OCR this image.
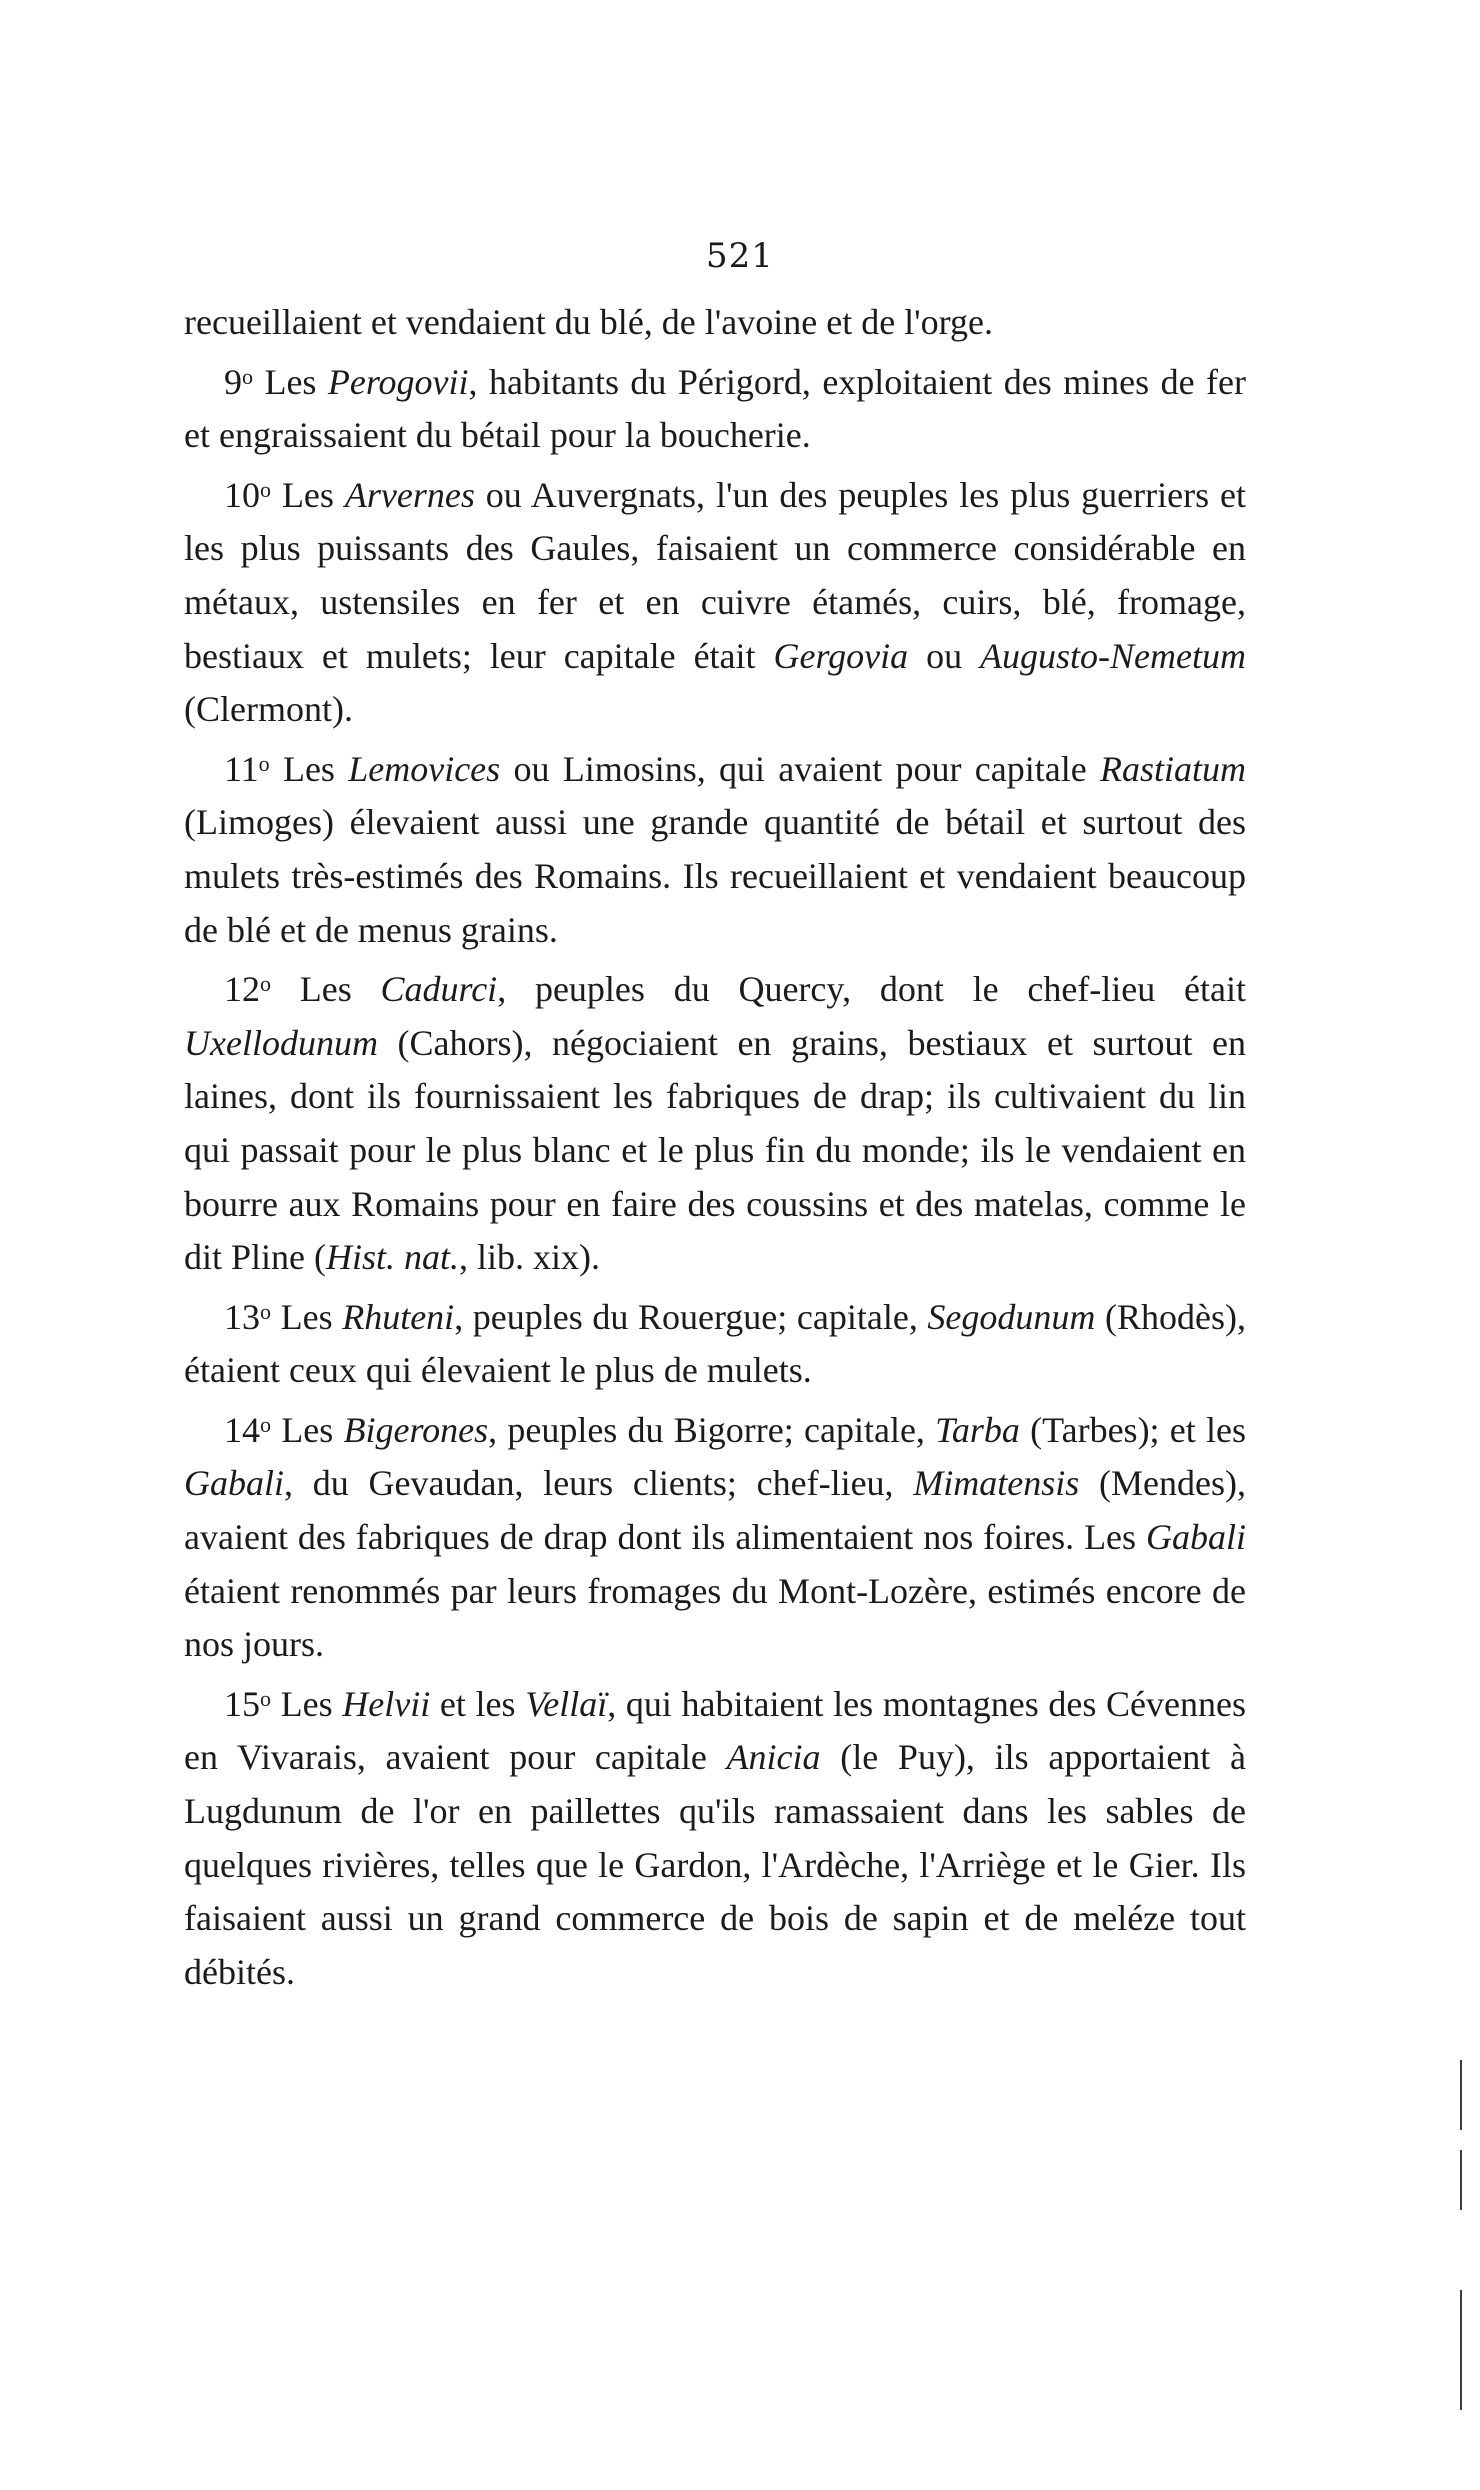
521

recueillaient et vendaient du blé, de l'avoine et de l'orge.

9$^o$ Les Perogovii, habitants du Périgord, exploitaient des mines de fer et engraissaient du bétail pour la boucherie.

10$^o$ Les Arvernes ou Auvergnats, l'un des peuples les plus guerriers et les plus puissants des Gaules, faisaient un commerce considérable en métaux, ustensiles en fer et en cuivre étamés, cuirs, blé, fromage, bestiaux et mulets; leur capitale était Gergovia ou Augusto-Nemetum (Clermont).

11$^o$ Les Lemovices ou Limosins, qui avaient pour capitale Rastiatum (Limoges) élevaient aussi une grande quantité de bétail et surtout des mulets très-estimés des Romains. Ils recueillaient et vendaient beaucoup de blé et de menus grains.

12$^o$ Les Cadurci, peuples du Quercy, dont le chef-lieu était Uxellodunum (Cahors), négociaient en grains, bestiaux et surtout en laines, dont ils fournissaient les fabriques de drap; ils cultivaient du lin qui passait pour le plus blanc et le plus fin du monde; ils le vendaient en bourre aux Romains pour en faire des coussins et des matelas, comme le dit Pline (Hist. nat., lib. xix).

13$^o$ Les Rhuteni, peuples du Rouergue; capitale, Segodunum (Rhodès), étaient ceux qui élevaient le plus de mulets.

14$^o$ Les Bigerones, peuples du Bigorre; capitale, Tarba (Tarbes); et les Gabali, du Gevaudan, leurs clients; chef-lieu, Mimatensis (Mendes), avaient des fabriques de drap dont ils alimentaient nos foires. Les Gabali étaient renommés par leurs fromages du Mont-Lozère, estimés encore de nos jours.

15$^o$ Les Helvii et les Vellaï, qui habitaient les montagnes des Cévennes en Vivarais, avaient pour capitale Anicia (le Puy), ils apportaient à Lugdunum de l'or en paillettes qu'ils ramassaient dans les sables de quelques rivières, telles que le Gardon, l'Ardèche, l'Arriège et le Gier. Ils faisaient aussi un grand commerce de bois de sapin et de meléze tout débités.
